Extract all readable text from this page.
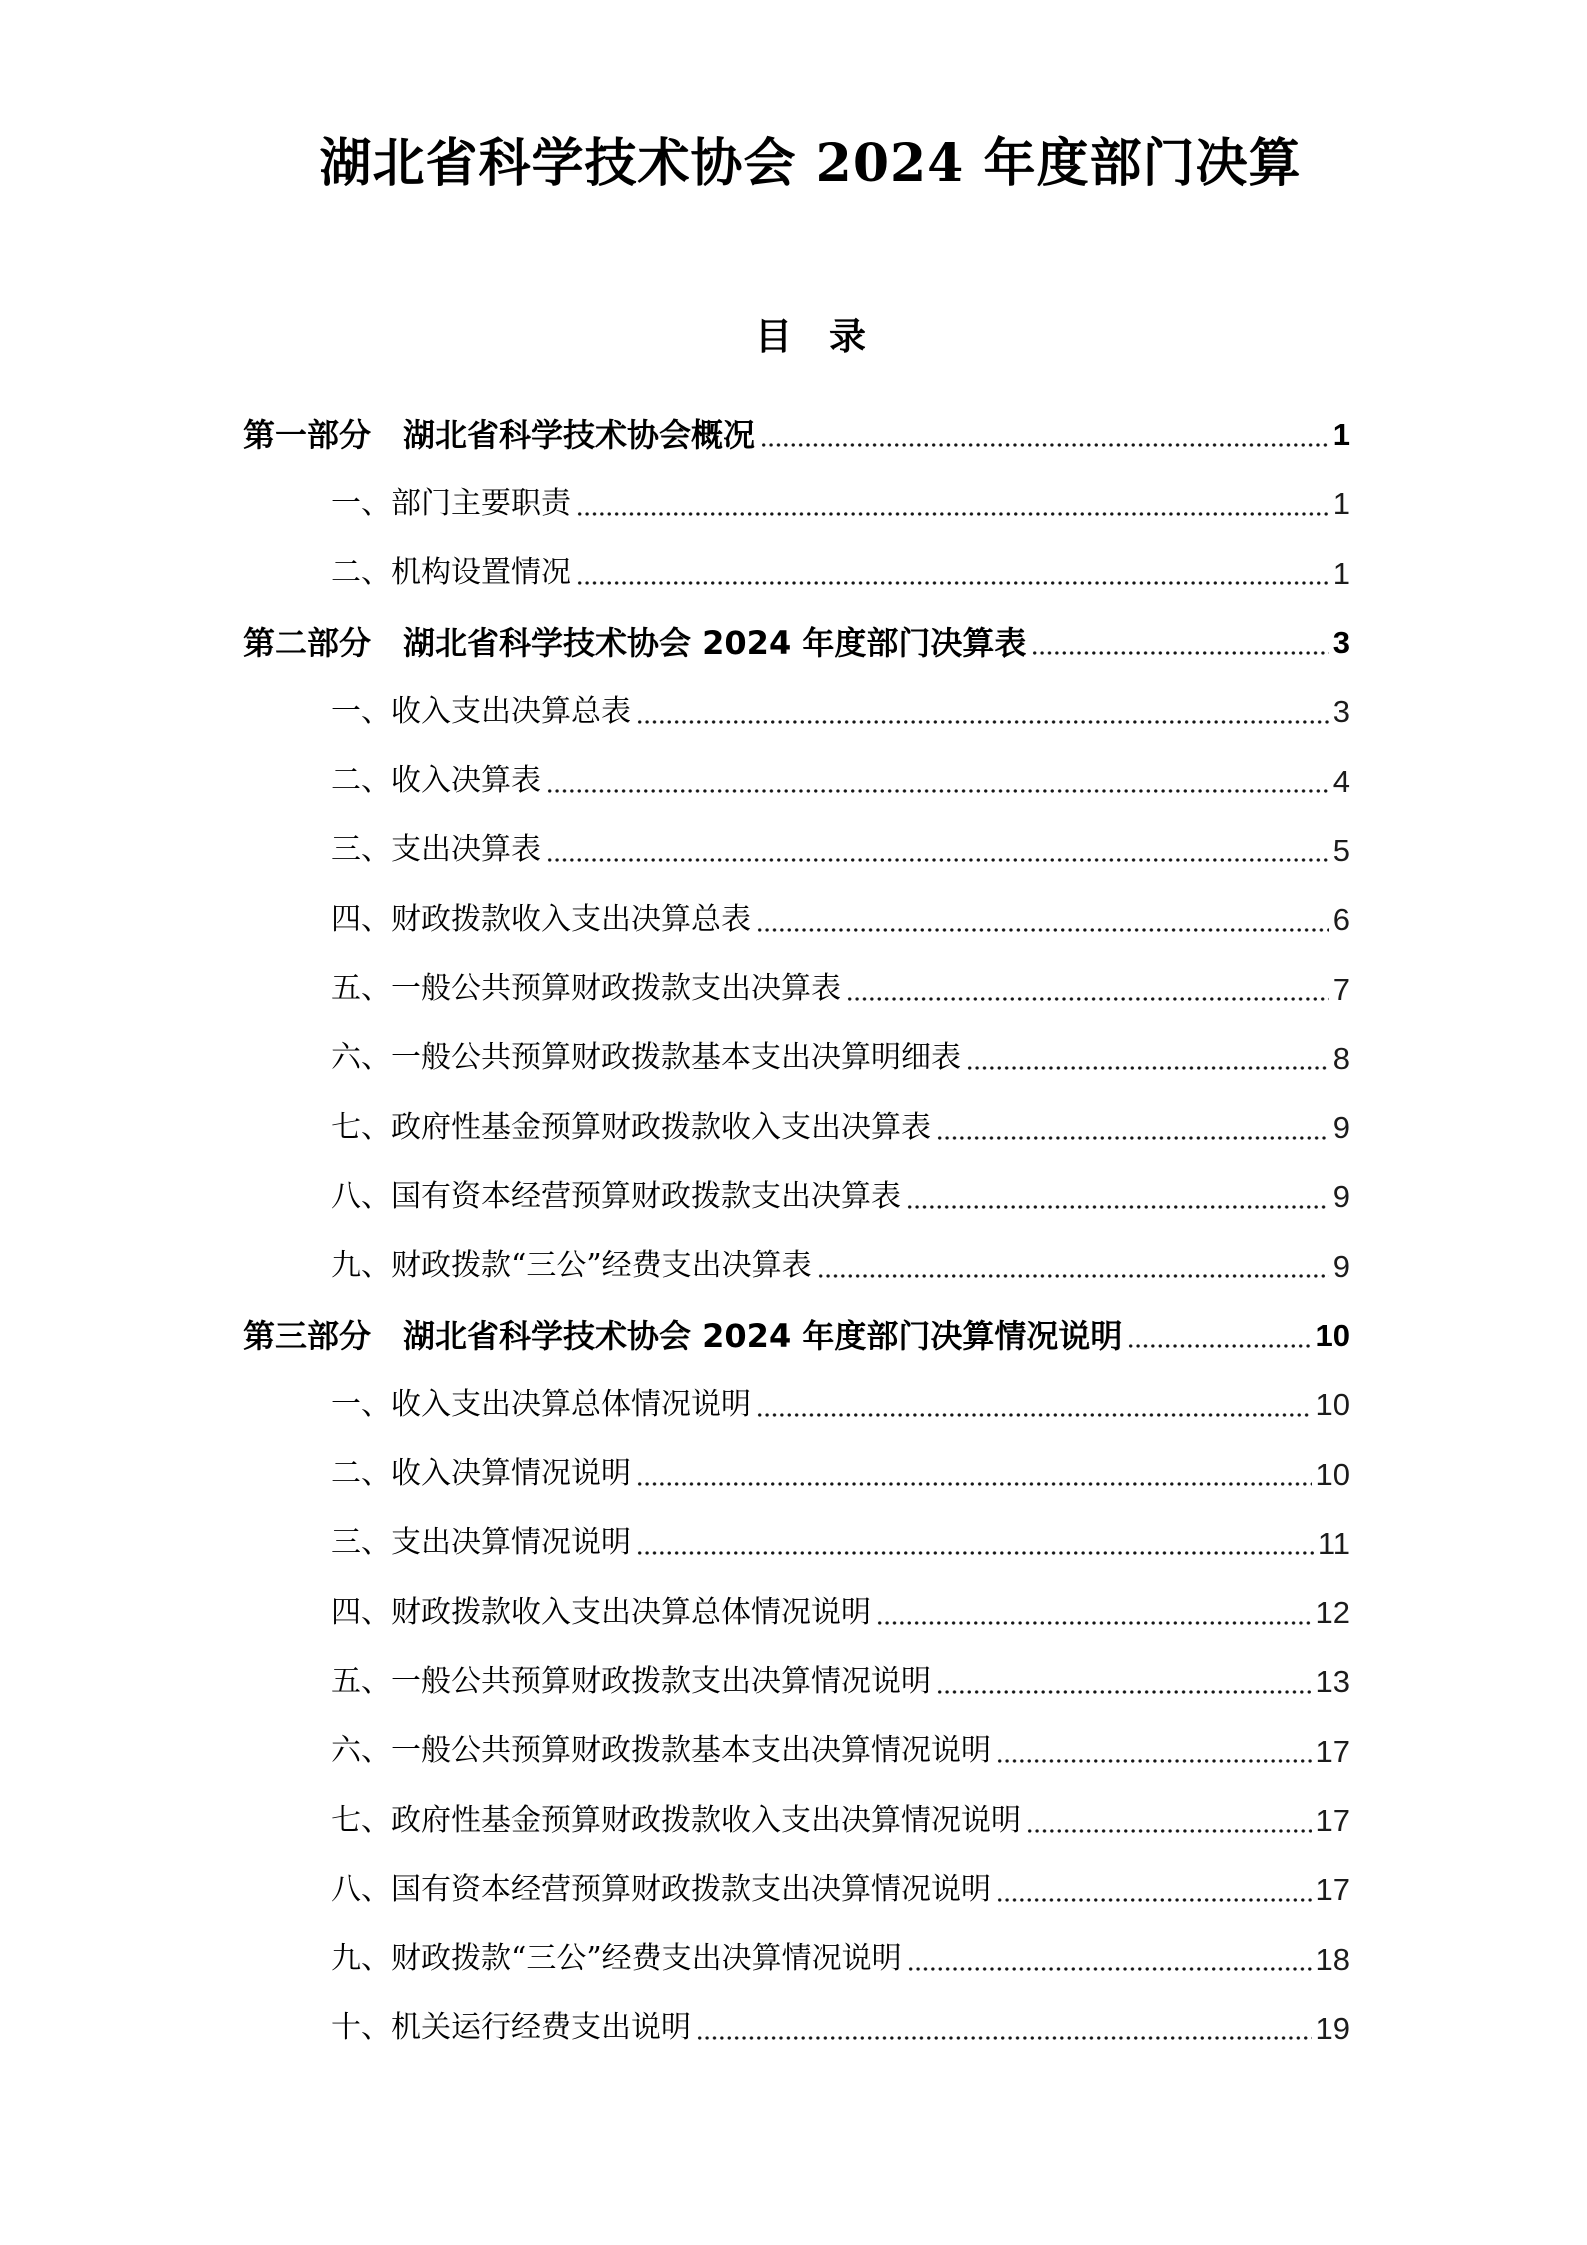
湖北省科学技术协会 2024 年度部门决算
目　录
第一部分　湖北省科学技术协会概况	1
一、部门主要职责	1
二、机构设置情况	1
第二部分　湖北省科学技术协会 2024 年度部门决算表	3
一、收入支出决算总表	3
二、收入决算表	4
三、支出决算表	5
四、财政拨款收入支出决算总表	6
五、一般公共预算财政拨款支出决算表	7
六、一般公共预算财政拨款基本支出决算明细表	8
七、政府性基金预算财政拨款收入支出决算表	9
八、国有资本经营预算财政拨款支出决算表	9
九、财政拨款“三公”经费支出决算表	9
第三部分　湖北省科学技术协会 2024 年度部门决算情况说明	10
一、收入支出决算总体情况说明	10
二、收入决算情况说明	10
三、支出决算情况说明	11
四、财政拨款收入支出决算总体情况说明	12
五、一般公共预算财政拨款支出决算情况说明	13
六、一般公共预算财政拨款基本支出决算情况说明	17
七、政府性基金预算财政拨款收入支出决算情况说明	17
八、国有资本经营预算财政拨款支出决算情况说明	17
九、财政拨款“三公”经费支出决算情况说明	18
十、机关运行经费支出说明	19
